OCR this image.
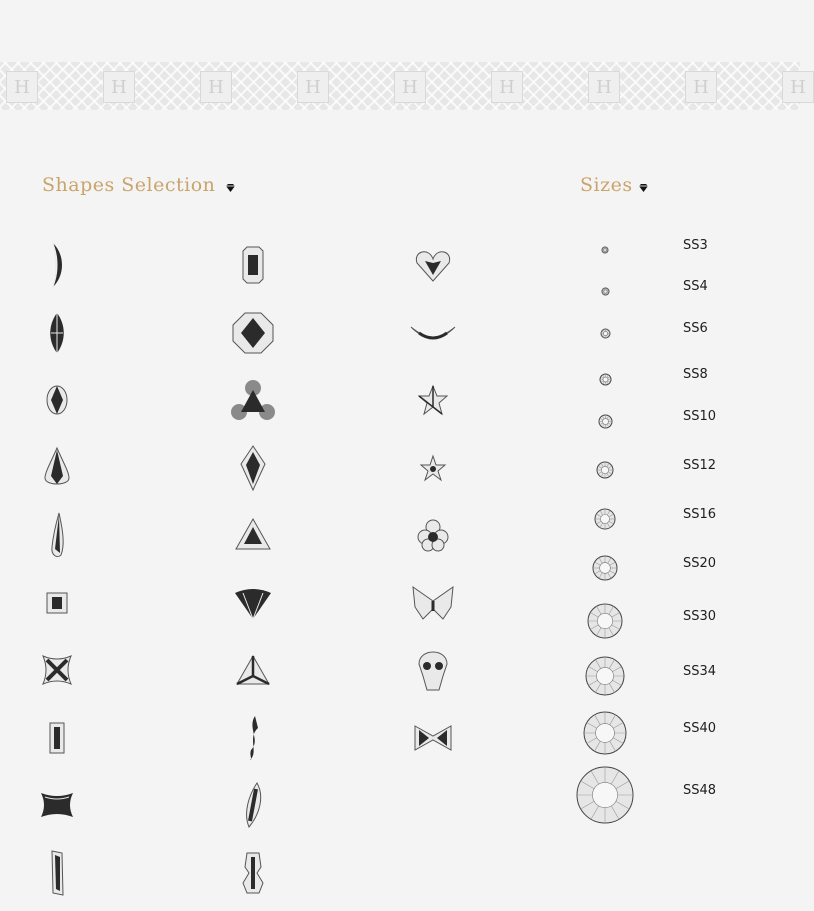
H	H	H	H	H	H	H	H	H
Shapes Selection	Sizes
SS3
SS4
SS6
SS8
SS10
SS12
SS16
SS20
SS30
SS34
SS40
SS48
